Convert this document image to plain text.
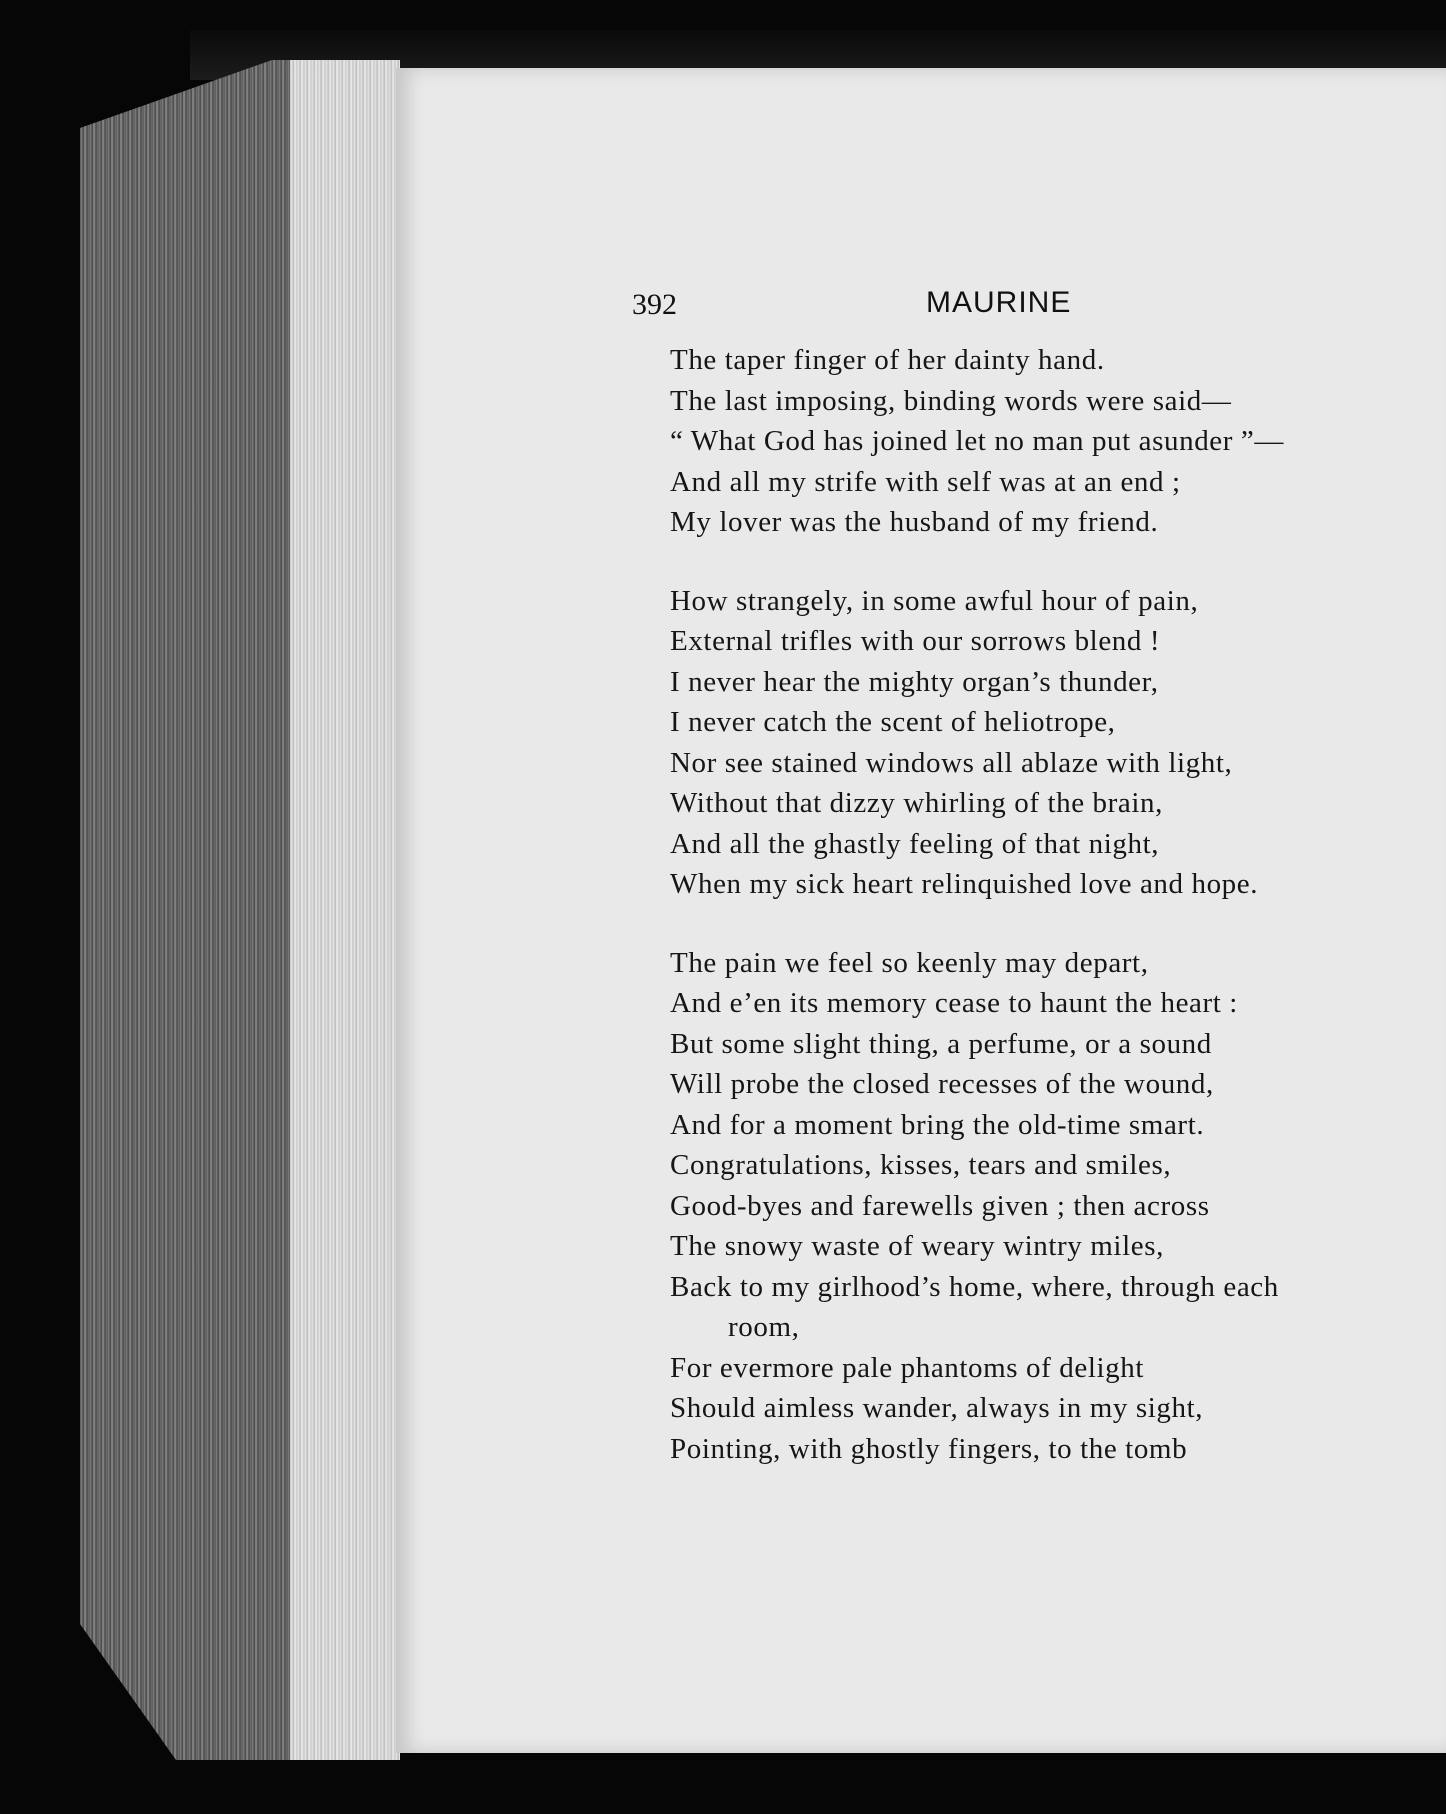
392	MAURINE
The taper finger of her dainty hand.
The last imposing, binding words were said—
“ What God has joined let no man put asunder ”—
And all my strife with self was at an end ;
My lover was the husband of my friend.
How strangely, in some awful hour of pain,
External trifles with our sorrows blend !
I never hear the mighty organ’s thunder,
I never catch the scent of heliotrope,
Nor see stained windows all ablaze with light,
Without that dizzy whirling of the brain,
And all the ghastly feeling of that night,
When my sick heart relinquished love and hope.
The pain we feel so keenly may depart,
And e’en its memory cease to haunt the heart :
But some slight thing, a perfume, or a sound
Will probe the closed recesses of the wound,
And for a moment bring the old-time smart.
Congratulations, kisses, tears and smiles,
Good-byes and farewells given ; then across
The snowy waste of weary wintry miles,
Back to my girlhood’s home, where, through each
room,
For evermore pale phantoms of delight
Should aimless wander, always in my sight,
Pointing, with ghostly fingers, to the tomb
